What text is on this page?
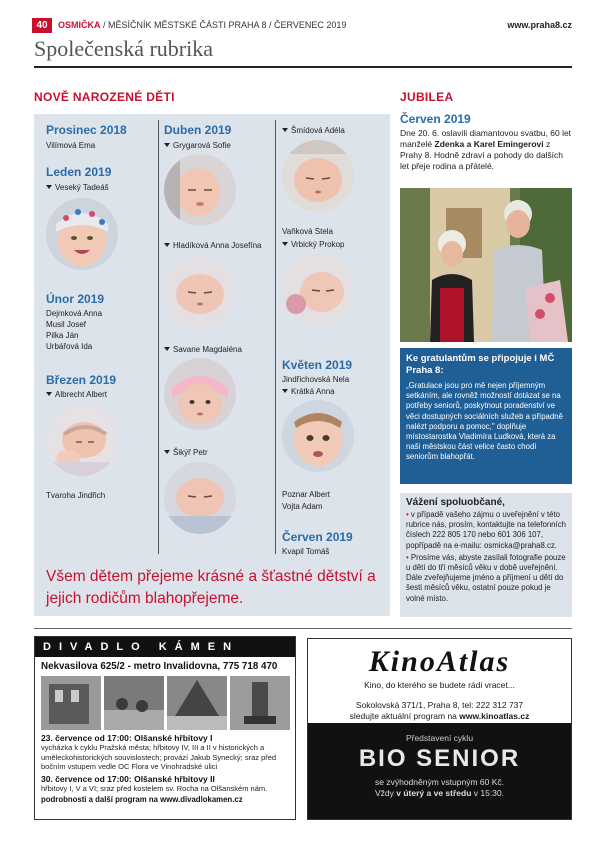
40	OSMIČKA / MĚSÍČNÍK MĚSTSKÉ ČÁSTI PRAHA 8 / ČERVENEC 2019	www.praha8.cz
Společenská rubrika
NOVĚ NAROZENÉ DĚTI
Prosinec 2018
Vilímová Ema
Leden 2019
Veseký Tadeáš
Únor 2019
Dejmková Anna
Musil Josef
Pilka Ján
Urbářová Ida
Březen 2019
Albrecht Albert
Tvaroha Jindřich
Duben 2019
Grygarová Sofie
Hladíková Anna Josefína
Savane Magdaléna
Šikýř Petr
Šmídová Adéla
Vaňková Stela
Vrbický Prokop
Květen 2019
Jindřichovská Nela
Krátká Anna
Poznar Albert
Vojta Adam
Červen 2019
Kvapil Tomáš
Všem dětem přejeme krásné a šťastné dětství a jejich rodičům blahopřejeme.
JUBILEA
Červen 2019
Dne 20. 6. oslavili diamantovou svatbu, 60 let manželé Zdenka a Karel Emingerovi z Prahy 8. Hodně zdraví a pohody do dalších let přeje rodina a přátelé.
Ke gratulantům se připojuje i MČ Praha 8:
„Gratulace jsou pro mě nejen příjemným setkáním, ale rovněž možností dotázat se na potřeby seniorů, poskytnout poradenství ve věci dostupných sociálních služeb a případně nalézt podporu a pomoc," doplňuje místostarostka Vladimíra Ludková, která za naši městskou část velice často chodí seniorům blahopřát.
Vážení spoluobčané,
• v případě vašeho zájmu o uveřejnění v této rubrice nás, prosím, kontaktujte na telefonních číslech 222 805 170 nebo 601 306 107, popřípadě na e-mailu: osmicka@praha8.cz.
• Prosíme vás, abyste zasílali fotografie pouze u dětí do tří měsíců věku v době uveřejnění. Dále zveřejňujeme jméno a příjmení u dětí do šesti měsíců věku, ostatní pouze pokud je volné místo.
DIVADLO KÁMEN
Nekvasilova 625/2 - metro Invalidovna, 775 718 470
23. července od 17:00: Olšanské hřbitovy I
vycházka k cyklu Pražská města; hřbitovy IV, III a II v historických a uměleckohistorických souvislostech; provází Jakub Synecký; sraz před bočním vstupem vedle OC Flora ve Vinohradské ulici
30. července od 17:00: Olšanské hřbitovy II
hřbitovy I, V a VI; sraz před kostelem sv. Rocha na Olšanském nám.
podrobnosti a další program na www.divadlokamen.cz
KinoAtlas
Kino, do kterého se budete rádi vracet...
Sokolovská 371/1, Praha 8, tel: 222 312 737
sledujte aktuální program na www.kinoatlas.cz
Představení cyklu
BIO SENIOR
se zvýhodněným vstupným 60 Kč.
Vždy v úterý a ve středu v 15:30.
